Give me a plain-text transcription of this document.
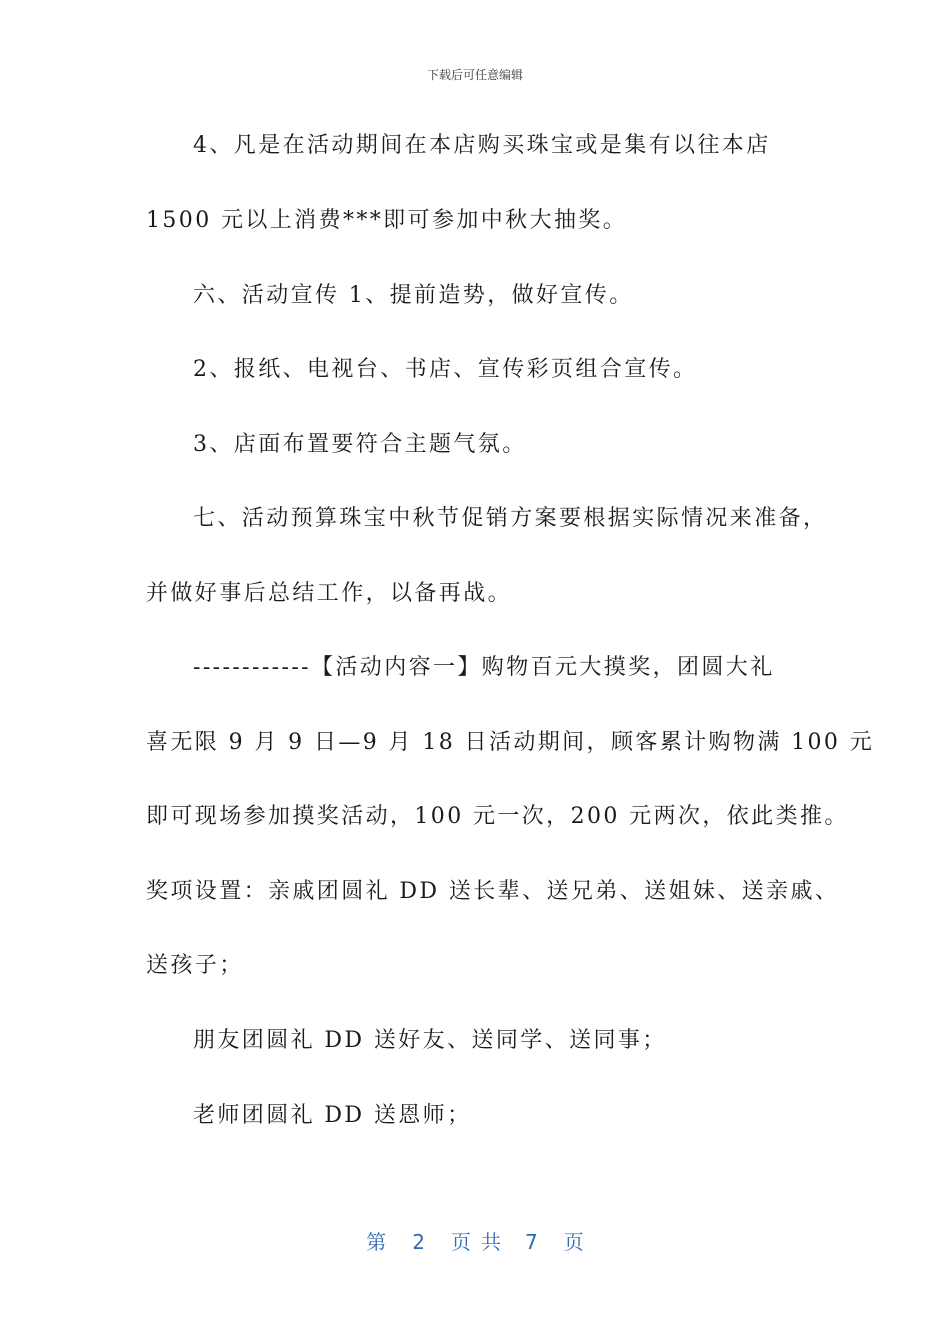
下载后可任意编辑
4、凡是在活动期间在本店购买珠宝或是集有以往本店
1500 元以上消费***即可参加中秋大抽奖。
六、活动宣传 1、提前造势，做好宣传。
2、报纸、电视台、书店、宣传彩页组合宣传。
3、店面布置要符合主题气氛。
七、活动预算珠宝中秋节促销方案要根据实际情况来准备，
并做好事后总结工作，以备再战。
------------【活动内容一】购物百元大摸奖，团圆大礼
喜无限 9 月 9 日—9 月 18 日活动期间，顾客累计购物满 100 元
即可现场参加摸奖活动，100 元一次，200 元两次，依此类推。
奖项设置：亲戚团圆礼 DD 送长辈、送兄弟、送姐妹、送亲戚、
送孩子；
朋友团圆礼 DD 送好友、送同学、送同事；
老师团圆礼 DD 送恩师；
第 2 页共 7 页
